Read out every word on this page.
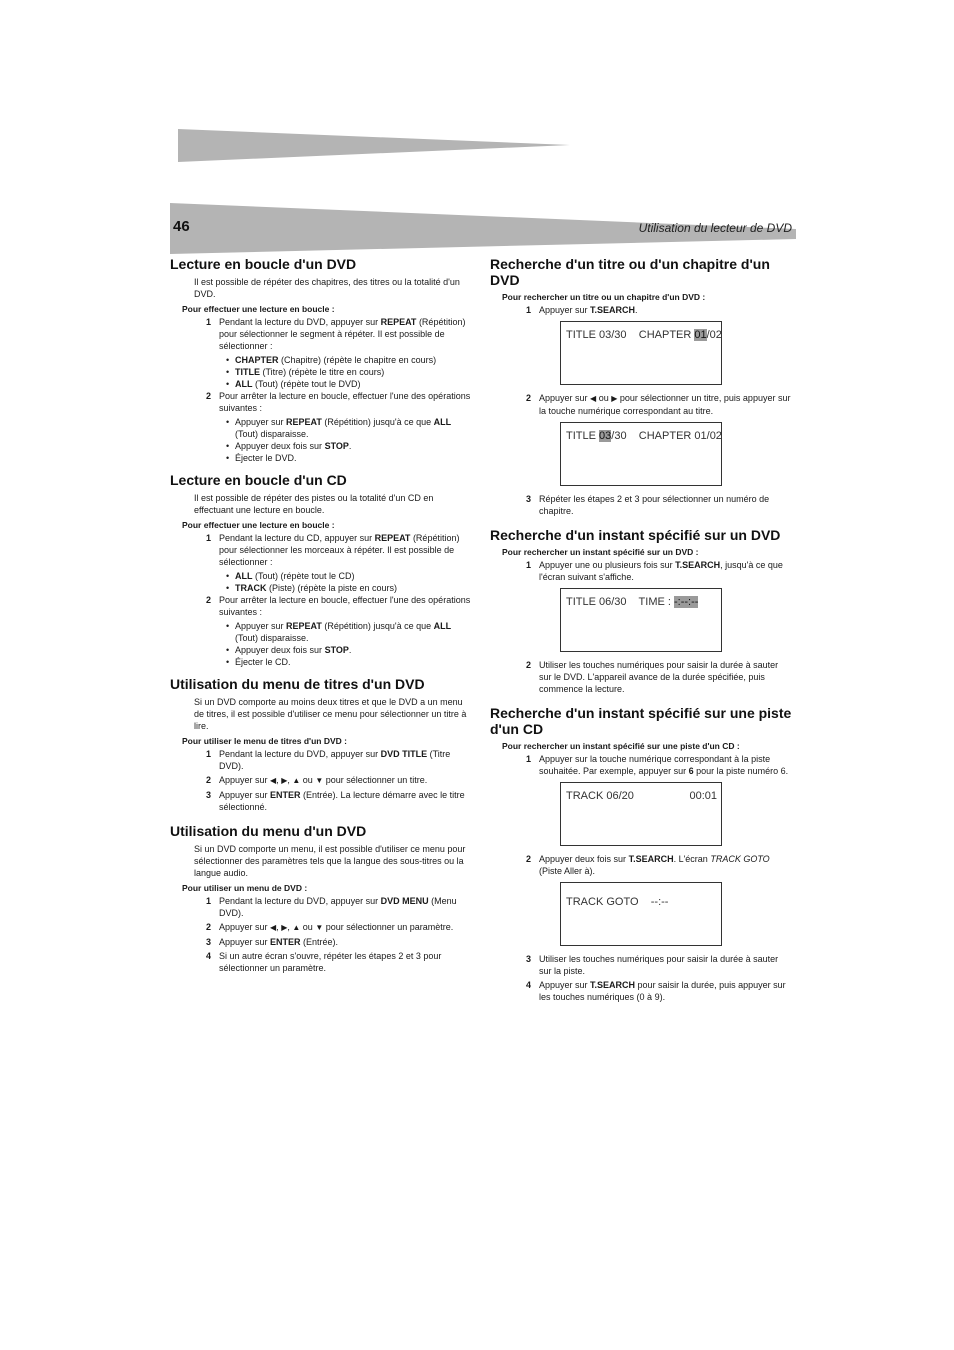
46	Utilisation du lecteur de DVD
Lecture en boucle d'un DVD

Il est possible de répéter des chapitres, des titres ou la totalité d'un DVD.

Pour effectuer une lecture en boucle :
1 Pendant la lecture du DVD, appuyer sur REPEAT (Répétition) pour sélectionner le segment à répéter. Il est possible de sélectionner :
• CHAPTER (Chapitre) (répète le chapitre en cours)
• TITLE (Titre) (répète le titre en cours)
• ALL (Tout) (répète tout le DVD)
2 Pour arrêter la lecture en boucle, effectuer l'une des opérations suivantes :
• Appuyer sur REPEAT (Répétition) jusqu'à ce que ALL (Tout) disparaisse.
• Appuyer deux fois sur STOP.
• Éjecter le DVD.
Lecture en boucle d'un CD

Il est possible de répéter des pistes ou la totalité d'un CD en effectuant une lecture en boucle.

Pour effectuer une lecture en boucle :
1 Pendant la lecture du CD, appuyer sur REPEAT (Répétition) pour sélectionner les morceaux à répéter. Il est possible de sélectionner :
• ALL (Tout) (répète tout le CD)
• TRACK (Piste) (répète la piste en cours)
2 Pour arrêter la lecture en boucle, effectuer l'une des opérations suivantes :
• Appuyer sur REPEAT (Répétition) jusqu'à ce que ALL (Tout) disparaisse.
• Appuyer deux fois sur STOP.
• Éjecter le CD.
Utilisation du menu de titres d'un DVD

Si un DVD comporte au moins deux titres et que le DVD a un menu de titres, il est possible d'utiliser ce menu pour sélectionner un titre à lire.

Pour utiliser le menu de titres d'un DVD :
1 Pendant la lecture du DVD, appuyer sur DVD TITLE (Titre DVD).
2 Appuyer sur ◀, ▶, ▲ ou ▼ pour sélectionner un titre.
3 Appuyer sur ENTER (Entrée). La lecture démarre avec le titre sélectionné.
Utilisation du menu d'un DVD

Si un DVD comporte un menu, il est possible d'utiliser ce menu pour sélectionner des paramètres tels que la langue des sous-titres ou la langue audio.

Pour utiliser un menu de DVD :
1 Pendant la lecture du DVD, appuyer sur DVD MENU (Menu DVD).
2 Appuyer sur ◀, ▶, ▲ ou ▼ pour sélectionner un paramètre.
3 Appuyer sur ENTER (Entrée).
4 Si un autre écran s'ouvre, répéter les étapes 2 et 3 pour sélectionner un paramètre.
Recherche d'un titre ou d'un chapitre d'un DVD
Pour rechercher un titre ou un chapitre d'un DVD :
1 Appuyer sur T.SEARCH.
TITLE 03/30    CHAPTER 01/02
2 Appuyer sur ◀ ou ▶ pour sélectionner un titre, puis appuyer sur la touche numérique correspondant au titre.
TITLE 03/30    CHAPTER 01/02
3 Répéter les étapes 2 et 3 pour sélectionner un numéro de chapitre.
Recherche d'un instant spécifié sur un DVD
Pour rechercher un instant spécifié sur un DVD :
1 Appuyer une ou plusieurs fois sur T.SEARCH, jusqu'à ce que l'écran suivant s'affiche.
TITLE 06/30    TIME : -:--:--
2 Utiliser les touches numériques pour saisir la durée à sauter sur le DVD. L'appareil avance de la durée spécifiée, puis commence la lecture.
Recherche d'un instant spécifié sur une piste d'un CD
Pour rechercher un instant spécifié sur une piste d'un CD :
1 Appuyer sur la touche numérique correspondant à la piste souhaitée. Par exemple, appuyer sur 6 pour la piste numéro 6.
TRACK 06/20	00:01
2 Appuyer deux fois sur T.SEARCH. L'écran TRACK GOTO (Piste Aller à).
TRACK GOTO    --:--
3 Utiliser les touches numériques pour saisir la durée à sauter sur la piste.
4 Appuyer sur T.SEARCH pour saisir la durée, puis appuyer sur les touches numériques (0 à 9).
